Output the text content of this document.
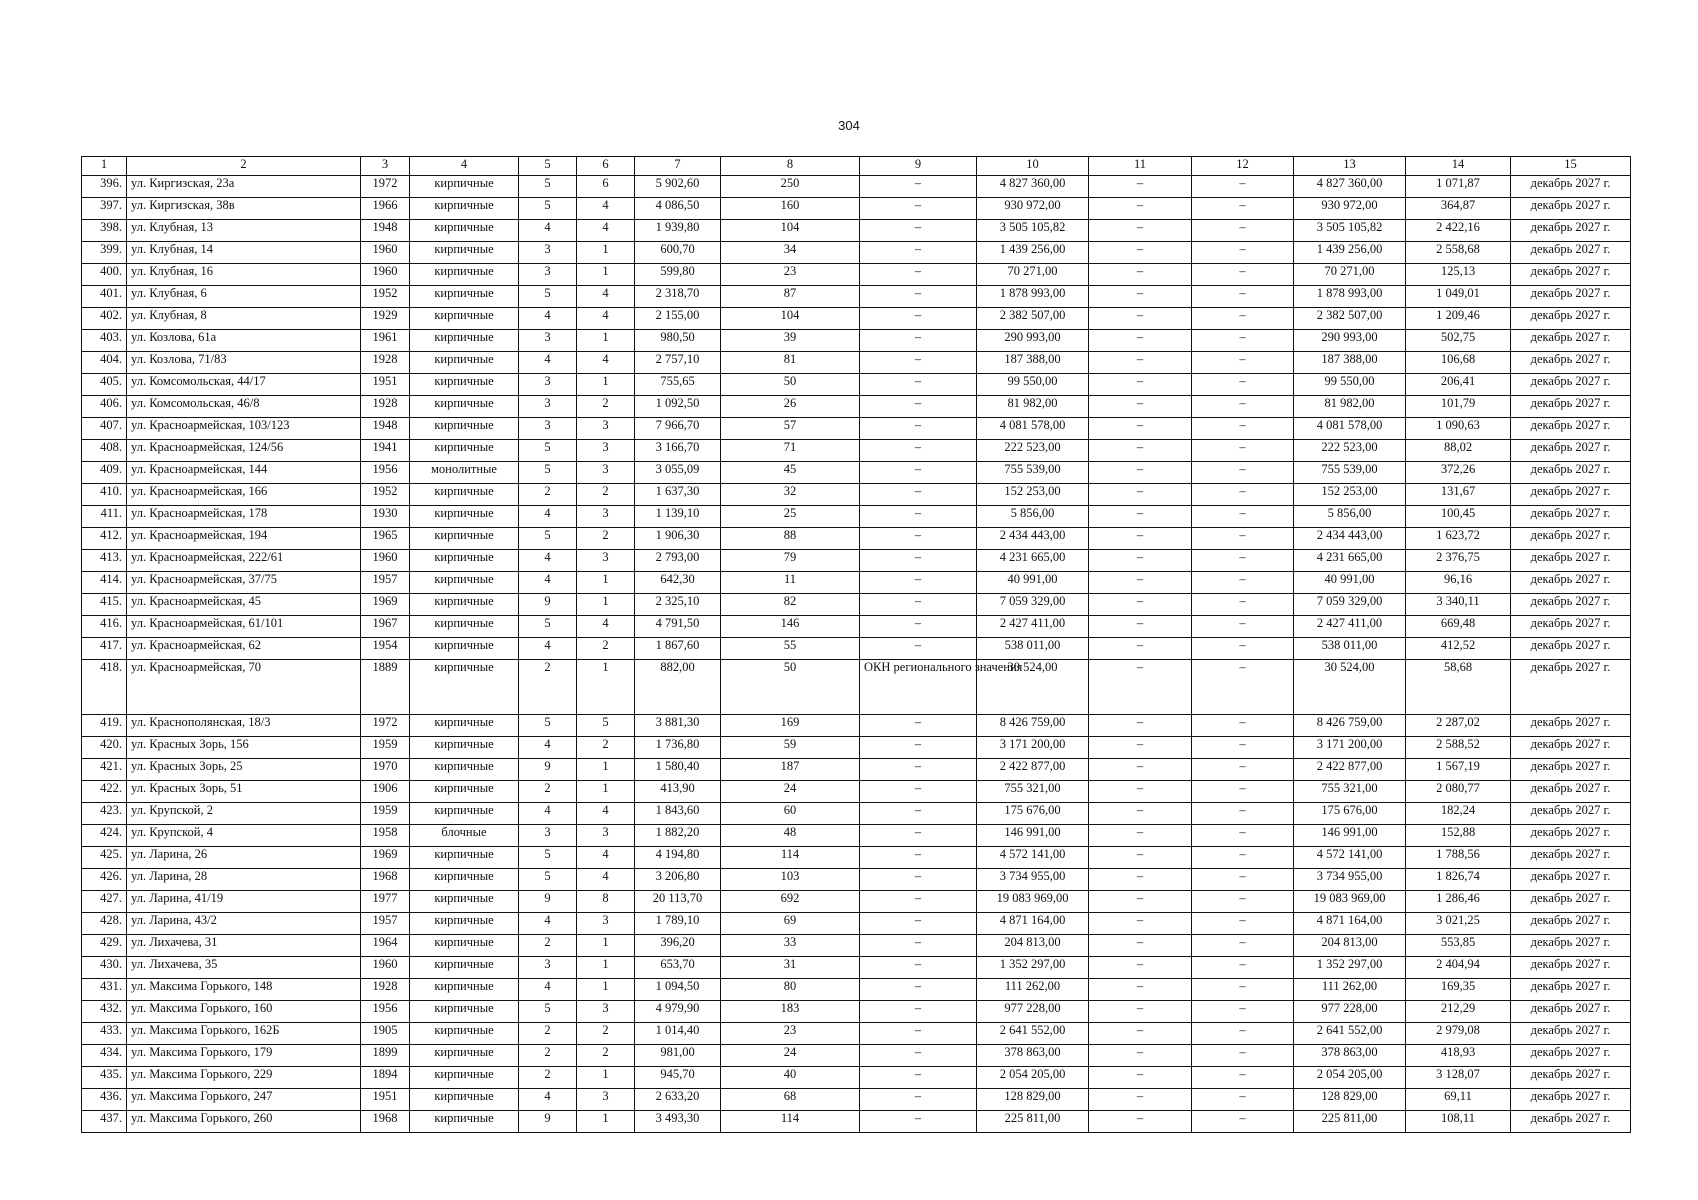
304
1	2	3	4	5	6	7	8	9	10	11	12	13	14	15
396.	ул. Киргизская, 23а	1972	кирпичные	5	6	5 902,60	250	–	4 827 360,00	–	–	4 827 360,00	1 071,87	декабрь 2027 г.
397.	ул. Киргизская, 38в	1966	кирпичные	5	4	4 086,50	160	–	930 972,00	–	–	930 972,00	364,87	декабрь 2027 г.
398.	ул. Клубная, 13	1948	кирпичные	4	4	1 939,80	104	–	3 505 105,82	–	–	3 505 105,82	2 422,16	декабрь 2027 г.
399.	ул. Клубная, 14	1960	кирпичные	3	1	600,70	34	–	1 439 256,00	–	–	1 439 256,00	2 558,68	декабрь 2027 г.
400.	ул. Клубная, 16	1960	кирпичные	3	1	599,80	23	–	70 271,00	–	–	70 271,00	125,13	декабрь 2027 г.
401.	ул. Клубная, 6	1952	кирпичные	5	4	2 318,70	87	–	1 878 993,00	–	–	1 878 993,00	1 049,01	декабрь 2027 г.
402.	ул. Клубная, 8	1929	кирпичные	4	4	2 155,00	104	–	2 382 507,00	–	–	2 382 507,00	1 209,46	декабрь 2027 г.
403.	ул. Козлова, 61а	1961	кирпичные	3	1	980,50	39	–	290 993,00	–	–	290 993,00	502,75	декабрь 2027 г.
404.	ул. Козлова, 71/83	1928	кирпичные	4	4	2 757,10	81	–	187 388,00	–	–	187 388,00	106,68	декабрь 2027 г.
405.	ул. Комсомольская, 44/17	1951	кирпичные	3	1	755,65	50	–	99 550,00	–	–	99 550,00	206,41	декабрь 2027 г.
406.	ул. Комсомольская, 46/8	1928	кирпичные	3	2	1 092,50	26	–	81 982,00	–	–	81 982,00	101,79	декабрь 2027 г.
407.	ул. Красноармейская, 103/123	1948	кирпичные	3	3	7 966,70	57	–	4 081 578,00	–	–	4 081 578,00	1 090,63	декабрь 2027 г.
408.	ул. Красноармейская, 124/56	1941	кирпичные	5	3	3 166,70	71	–	222 523,00	–	–	222 523,00	88,02	декабрь 2027 г.
409.	ул. Красноармейская, 144	1956	монолитные	5	3	3 055,09	45	–	755 539,00	–	–	755 539,00	372,26	декабрь 2027 г.
410.	ул. Красноармейская, 166	1952	кирпичные	2	2	1 637,30	32	–	152 253,00	–	–	152 253,00	131,67	декабрь 2027 г.
411.	ул. Красноармейская, 178	1930	кирпичные	4	3	1 139,10	25	–	5 856,00	–	–	5 856,00	100,45	декабрь 2027 г.
412.	ул. Красноармейская, 194	1965	кирпичные	5	2	1 906,30	88	–	2 434 443,00	–	–	2 434 443,00	1 623,72	декабрь 2027 г.
413.	ул. Красноармейская, 222/61	1960	кирпичные	4	3	2 793,00	79	–	4 231 665,00	–	–	4 231 665,00	2 376,75	декабрь 2027 г.
414.	ул. Красноармейская, 37/75	1957	кирпичные	4	1	642,30	11	–	40 991,00	–	–	40 991,00	96,16	декабрь 2027 г.
415.	ул. Красноармейская, 45	1969	кирпичные	9	1	2 325,10	82	–	7 059 329,00	–	–	7 059 329,00	3 340,11	декабрь 2027 г.
416.	ул. Красноармейская, 61/101	1967	кирпичные	5	4	4 791,50	146	–	2 427 411,00	–	–	2 427 411,00	669,48	декабрь 2027 г.
417.	ул. Красноармейская, 62	1954	кирпичные	4	2	1 867,60	55	–	538 011,00	–	–	538 011,00	412,52	декабрь 2027 г.
418.	ул. Красноармейская, 70	1889	кирпичные	2	1	882,00	50	ОКН регионального значения	30 524,00	–	–	30 524,00	58,68	декабрь 2027 г.
419.	ул. Краснополянская, 18/3	1972	кирпичные	5	5	3 881,30	169	–	8 426 759,00	–	–	8 426 759,00	2 287,02	декабрь 2027 г.
420.	ул. Красных Зорь, 156	1959	кирпичные	4	2	1 736,80	59	–	3 171 200,00	–	–	3 171 200,00	2 588,52	декабрь 2027 г.
421.	ул. Красных Зорь, 25	1970	кирпичные	9	1	1 580,40	187	–	2 422 877,00	–	–	2 422 877,00	1 567,19	декабрь 2027 г.
422.	ул. Красных Зорь, 51	1906	кирпичные	2	1	413,90	24	–	755 321,00	–	–	755 321,00	2 080,77	декабрь 2027 г.
423.	ул. Крупской, 2	1959	кирпичные	4	4	1 843,60	60	–	175 676,00	–	–	175 676,00	182,24	декабрь 2027 г.
424.	ул. Крупской, 4	1958	блочные	3	3	1 882,20	48	–	146 991,00	–	–	146 991,00	152,88	декабрь 2027 г.
425.	ул. Ларина, 26	1969	кирпичные	5	4	4 194,80	114	–	4 572 141,00	–	–	4 572 141,00	1 788,56	декабрь 2027 г.
426.	ул. Ларина, 28	1968	кирпичные	5	4	3 206,80	103	–	3 734 955,00	–	–	3 734 955,00	1 826,74	декабрь 2027 г.
427.	ул. Ларина, 41/19	1977	кирпичные	9	8	20 113,70	692	–	19 083 969,00	–	–	19 083 969,00	1 286,46	декабрь 2027 г.
428.	ул. Ларина, 43/2	1957	кирпичные	4	3	1 789,10	69	–	4 871 164,00	–	–	4 871 164,00	3 021,25	декабрь 2027 г.
429.	ул. Лихачева, 31	1964	кирпичные	2	1	396,20	33	–	204 813,00	–	–	204 813,00	553,85	декабрь 2027 г.
430.	ул. Лихачева, 35	1960	кирпичные	3	1	653,70	31	–	1 352 297,00	–	–	1 352 297,00	2 404,94	декабрь 2027 г.
431.	ул. Максима Горького, 148	1928	кирпичные	4	1	1 094,50	80	–	111 262,00	–	–	111 262,00	169,35	декабрь 2027 г.
432.	ул. Максима Горького, 160	1956	кирпичные	5	3	4 979,90	183	–	977 228,00	–	–	977 228,00	212,29	декабрь 2027 г.
433.	ул. Максима Горького, 162Б	1905	кирпичные	2	2	1 014,40	23	–	2 641 552,00	–	–	2 641 552,00	2 979,08	декабрь 2027 г.
434.	ул. Максима Горького, 179	1899	кирпичные	2	2	981,00	24	–	378 863,00	–	–	378 863,00	418,93	декабрь 2027 г.
435.	ул. Максима Горького, 229	1894	кирпичные	2	1	945,70	40	–	2 054 205,00	–	–	2 054 205,00	3 128,07	декабрь 2027 г.
436.	ул. Максима Горького, 247	1951	кирпичные	4	3	2 633,20	68	–	128 829,00	–	–	128 829,00	69,11	декабрь 2027 г.
437.	ул. Максима Горького, 260	1968	кирпичные	9	1	3 493,30	114	–	225 811,00	–	–	225 811,00	108,11	декабрь 2027 г.
